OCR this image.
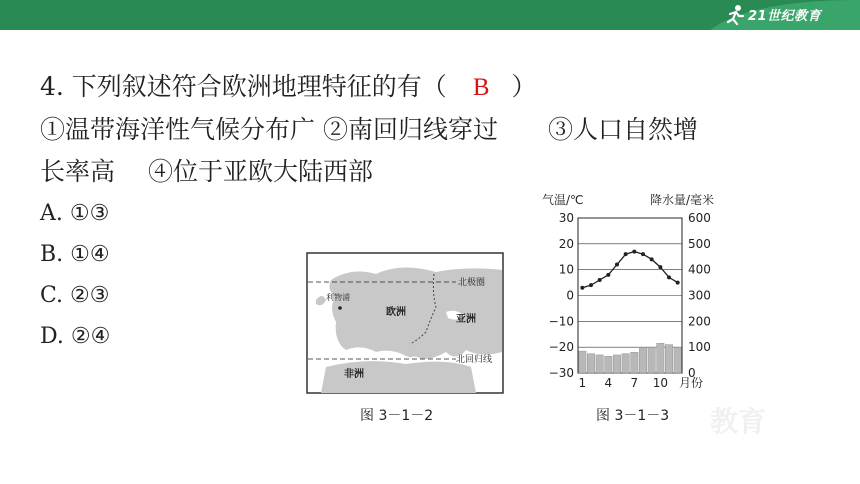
21世纪教育
4. 下列叙述符合欧洲地理特征的有（ B ）
①温带海洋性气候分布广 ②南回归线穿过　　③人口自然增
长率高　 ④位于亚欧大陆西部
A. ①③
B. ①④
C. ②③
D. ②④
北极圈
北回归线
欧洲
亚洲
非洲
利物浦
图 3－1－2
气温/℃	降水量/毫米
30
20
10
0
−10
−20
−30
600
500
400
300
200
100
0
1 4 7 10 月份
图 3－1－3 教育
